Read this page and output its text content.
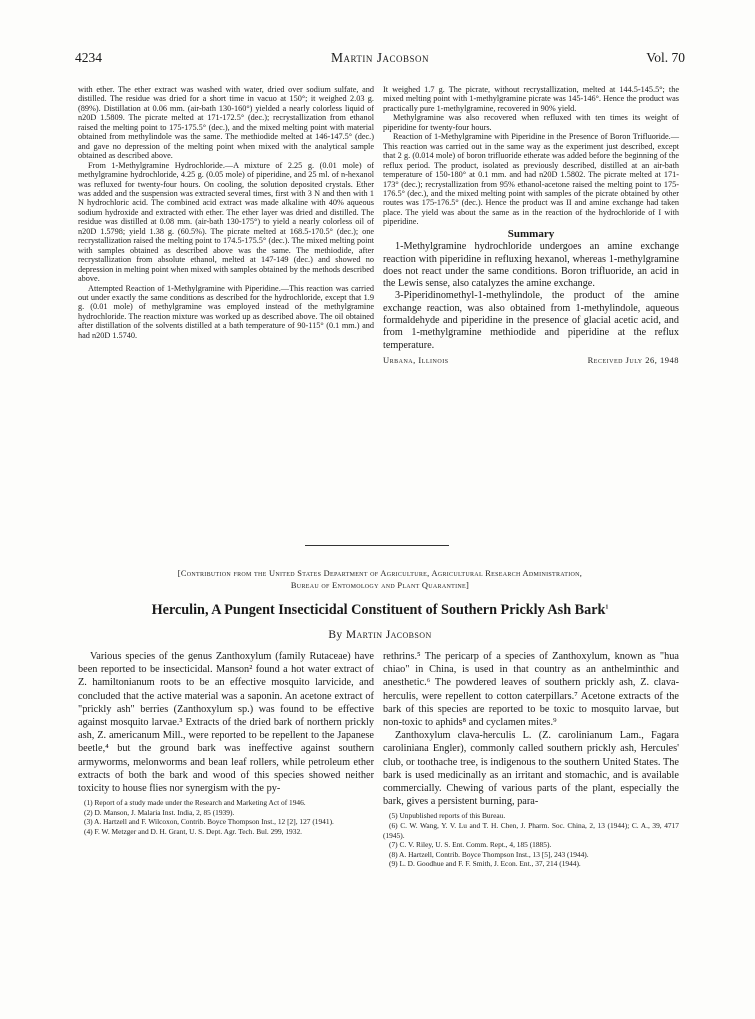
4234	Martin Jacobson	Vol. 70

with ether. The ether extract was washed with water, dried over sodium sulfate, and distilled. The residue was dried for a short time in vacuo at 150°; it weighed 2.03 g. (89%). Distillation at 0.06 mm. (air-bath 130-160°) yielded a nearly colorless liquid of n20D 1.5809. The picrate melted at 171-172.5° (dec.); recrystallization from ethanol raised the melting point to 175-175.5° (dec.), and the mixed melting point with material obtained from methylindole was the same. The methiodide melted at 146-147.5° (dec.) and gave no depression of the melting point when mixed with the analytical sample obtained as described above.

From 1-Methylgramine Hydrochloride.—A mixture of 2.25 g. (0.01 mole) of methylgramine hydrochloride, 4.25 g. (0.05 mole) of piperidine, and 25 ml. of n-hexanol was refluxed for twenty-four hours. On cooling, the solution deposited crystals. Ether was added and the suspension was extracted several times, first with 3 N and then with 1 N hydrochloric acid. The combined acid extract was made alkaline with 40% aqueous sodium hydroxide and extracted with ether. The ether layer was dried and distilled. The residue was distilled at 0.08 mm. (air-bath 130-175°) to yield a nearly colorless oil of n20D 1.5798; yield 1.38 g. (60.5%). The picrate melted at 168.5-170.5° (dec.); one recrystallization raised the melting point to 174.5-175.5° (dec.). The mixed melting point with samples obtained as described above was the same. The methiodide, after recrystallization from absolute ethanol, melted at 147-149 (dec.) and showed no depression in melting point when mixed with samples obtained by the methods described above.

Attempted Reaction of 1-Methylgramine with Piperidine.—This reaction was carried out under exactly the same conditions as described for the hydrochloride, except that 1.9 g. (0.01 mole) of methylgramine was employed instead of the methylgramine hydrochloride. The reaction mixture was worked up as described above. The oil obtained after distillation of the solvents distilled at a bath temperature of 90-115° (0.1 mm.) and had n20D 1.5740.

It weighed 1.7 g. The picrate, without recrystallization, melted at 144.5-145.5°; the mixed melting point with 1-methylgramine picrate was 145-146°. Hence the product was practically pure 1-methylgramine, recovered in 90% yield.

Methylgramine was also recovered when refluxed with ten times its weight of piperidine for twenty-four hours.

Reaction of 1-Methylgramine with Piperidine in the Presence of Boron Trifluoride.—This reaction was carried out in the same way as the experiment just described, except that 2 g. (0.014 mole) of boron trifluoride etherate was added before the beginning of the reflux period. The product, isolated as previously described, distilled at an air-bath temperature of 150-180° at 0.1 mm. and had n20D 1.5802. The picrate melted at 171-173° (dec.); recrystallization from 95% ethanol-acetone raised the melting point to 175-176.5° (dec.), and the mixed melting point with samples of the picrate obtained by other routes was 175-176.5° (dec.). Hence the product was II and amine exchange had taken place. The yield was about the same as in the reaction of the hydrochloride of I with piperidine.

Summary

1-Methylgramine hydrochloride undergoes an amine exchange reaction with piperidine in refluxing hexanol, whereas 1-methylgramine does not react under the same conditions. Boron trifluoride, an acid in the Lewis sense, also catalyzes the amine exchange.

3-Piperidinomethyl-1-methylindole, the product of the amine exchange reaction, was also obtained from 1-methylindole, aqueous formaldehyde and piperidine in the presence of glacial acetic acid, and from 1-methylgramine methiodide and piperidine at the reflux temperature.

Urbana, Illinois	Received July 26, 1948
[Contribution from the United States Department of Agriculture, Agricultural Research Administration,
Bureau of Entomology and Plant Quarantine]
Herculin, A Pungent Insecticidal Constituent of Southern Prickly Ash Bark$^1$
By Martin Jacobson

Various species of the genus Zanthoxylum (family Rutaceae) have been reported to be insecticidal. Manson² found a hot water extract of Z. hamiltonianum roots to be an effective mosquito larvicide, and concluded that the active material was a saponin. An acetone extract of "prickly ash" berries (Zanthoxylum sp.) was found to be effective against mosquito larvae.³ Extracts of the dried bark of northern prickly ash, Z. americanum Mill., were reported to be repellent to the Japanese beetle,⁴ but the ground bark was ineffective against southern armyworms, melonworms and bean leaf rollers, while petroleum ether extracts of both the bark and wood of this species showed neither toxicity to house flies nor synergism with the py-

(1) Report of a study made under the Research and Marketing Act of 1946.
(2) D. Manson, J. Malaria Inst. India, 2, 85 (1939).
(3) A. Hartzell and F. Wilcoxon, Contrib. Boyce Thompson Inst., 12 [2], 127 (1941).
(4) F. W. Metzger and D. H. Grant, U. S. Dept. Agr. Tech. Bul. 299, 1932.

rethrins.⁵ The pericarp of a species of Zanthoxylum, known as "hua chiao" in China, is used in that country as an anthelminthic and anesthetic.⁶ The powdered leaves of southern prickly ash, Z. clava-herculis, were repellent to cotton caterpillars.⁷ Acetone extracts of the bark of this species are reported to be toxic to mosquito larvae, but non-toxic to aphids⁸ and cyclamen mites.⁹

Zanthoxylum clava-herculis L. (Z. carolinianum Lam., Fagara caroliniana Engler), commonly called southern prickly ash, Hercules' club, or toothache tree, is indigenous to the southern United States. The bark is used medicinally as an irritant and stomachic, and is available commercially. Chewing of various parts of the plant, especially the bark, gives a persistent burning, para-

(5) Unpublished reports of this Bureau.
(6) C. W. Wang, Y. V. Lu and T. H. Chen, J. Pharm. Soc. China, 2, 13 (1944); C. A., 39, 4717 (1945).
(7) C. V. Riley, U. S. Ent. Comm. Rept., 4, 185 (1885).
(8) A. Hartzell, Contrib. Boyce Thompson Inst., 13 [5], 243 (1944).
(9) L. D. Goodhue and F. F. Smith, J. Econ. Ent., 37, 214 (1944).
